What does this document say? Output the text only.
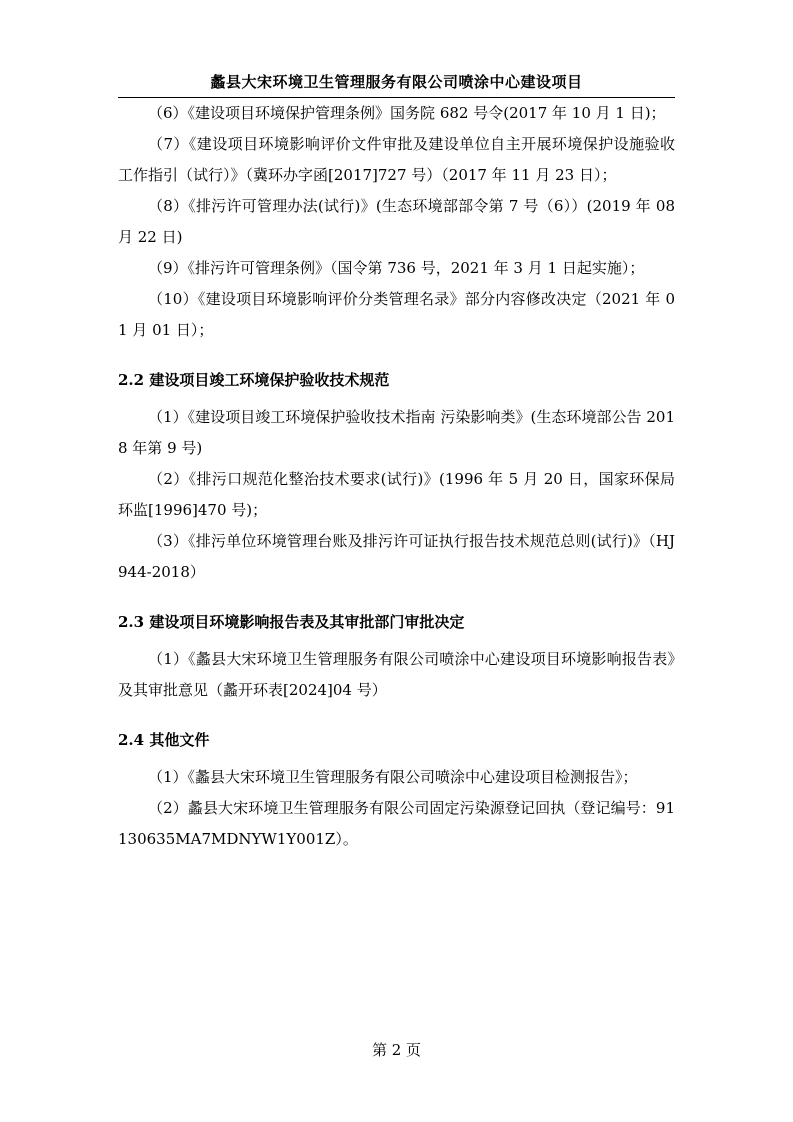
蠡县大宋环境卫生管理服务有限公司喷涂中心建设项目

（6）《建设项目环境保护管理条例》国务院 682 号令(2017 年 10 月 1 日)；

（7）《建设项目环境影响评价文件审批及建设单位自主开展环境保护设施验收工作指引（试行）》（冀环办字函[2017]727 号）（2017 年 11 月 23 日）；

（8）《排污许可管理办法(试行)》(生态环境部部令第 7 号（6））(2019 年 08 月 22 日)

（9）《排污许可管理条例》（国令第 736 号，2021 年 3 月 1 日起实施）；

（10）《建设项目环境影响评价分类管理名录》部分内容修改决定（2021 年 01 月 01 日）；

2.2 建设项目竣工环境保护验收技术规范

（1）《建设项目竣工环境保护验收技术指南 污染影响类》(生态环境部公告 2018 年第 9 号)

（2）《排污口规范化整治技术要求(试行)》(1996 年 5 月 20 日，国家环保局环监[1996]470 号)；

（3）《排污单位环境管理台账及排污许可证执行报告技术规范总则(试行)》（HJ 944-2018）

2.3 建设项目环境影响报告表及其审批部门审批决定

（1）《蠡县大宋环境卫生管理服务有限公司喷涂中心建设项目环境影响报告表》及其审批意见（蠡开环表[2024]04 号）

2.4 其他文件

（1）《蠡县大宋环境卫生管理服务有限公司喷涂中心建设项目检测报告》；

（2）蠡县大宋环境卫生管理服务有限公司固定污染源登记回执（登记编号：91130635MA7MDNYW1Y001Z）。

第 2 页
